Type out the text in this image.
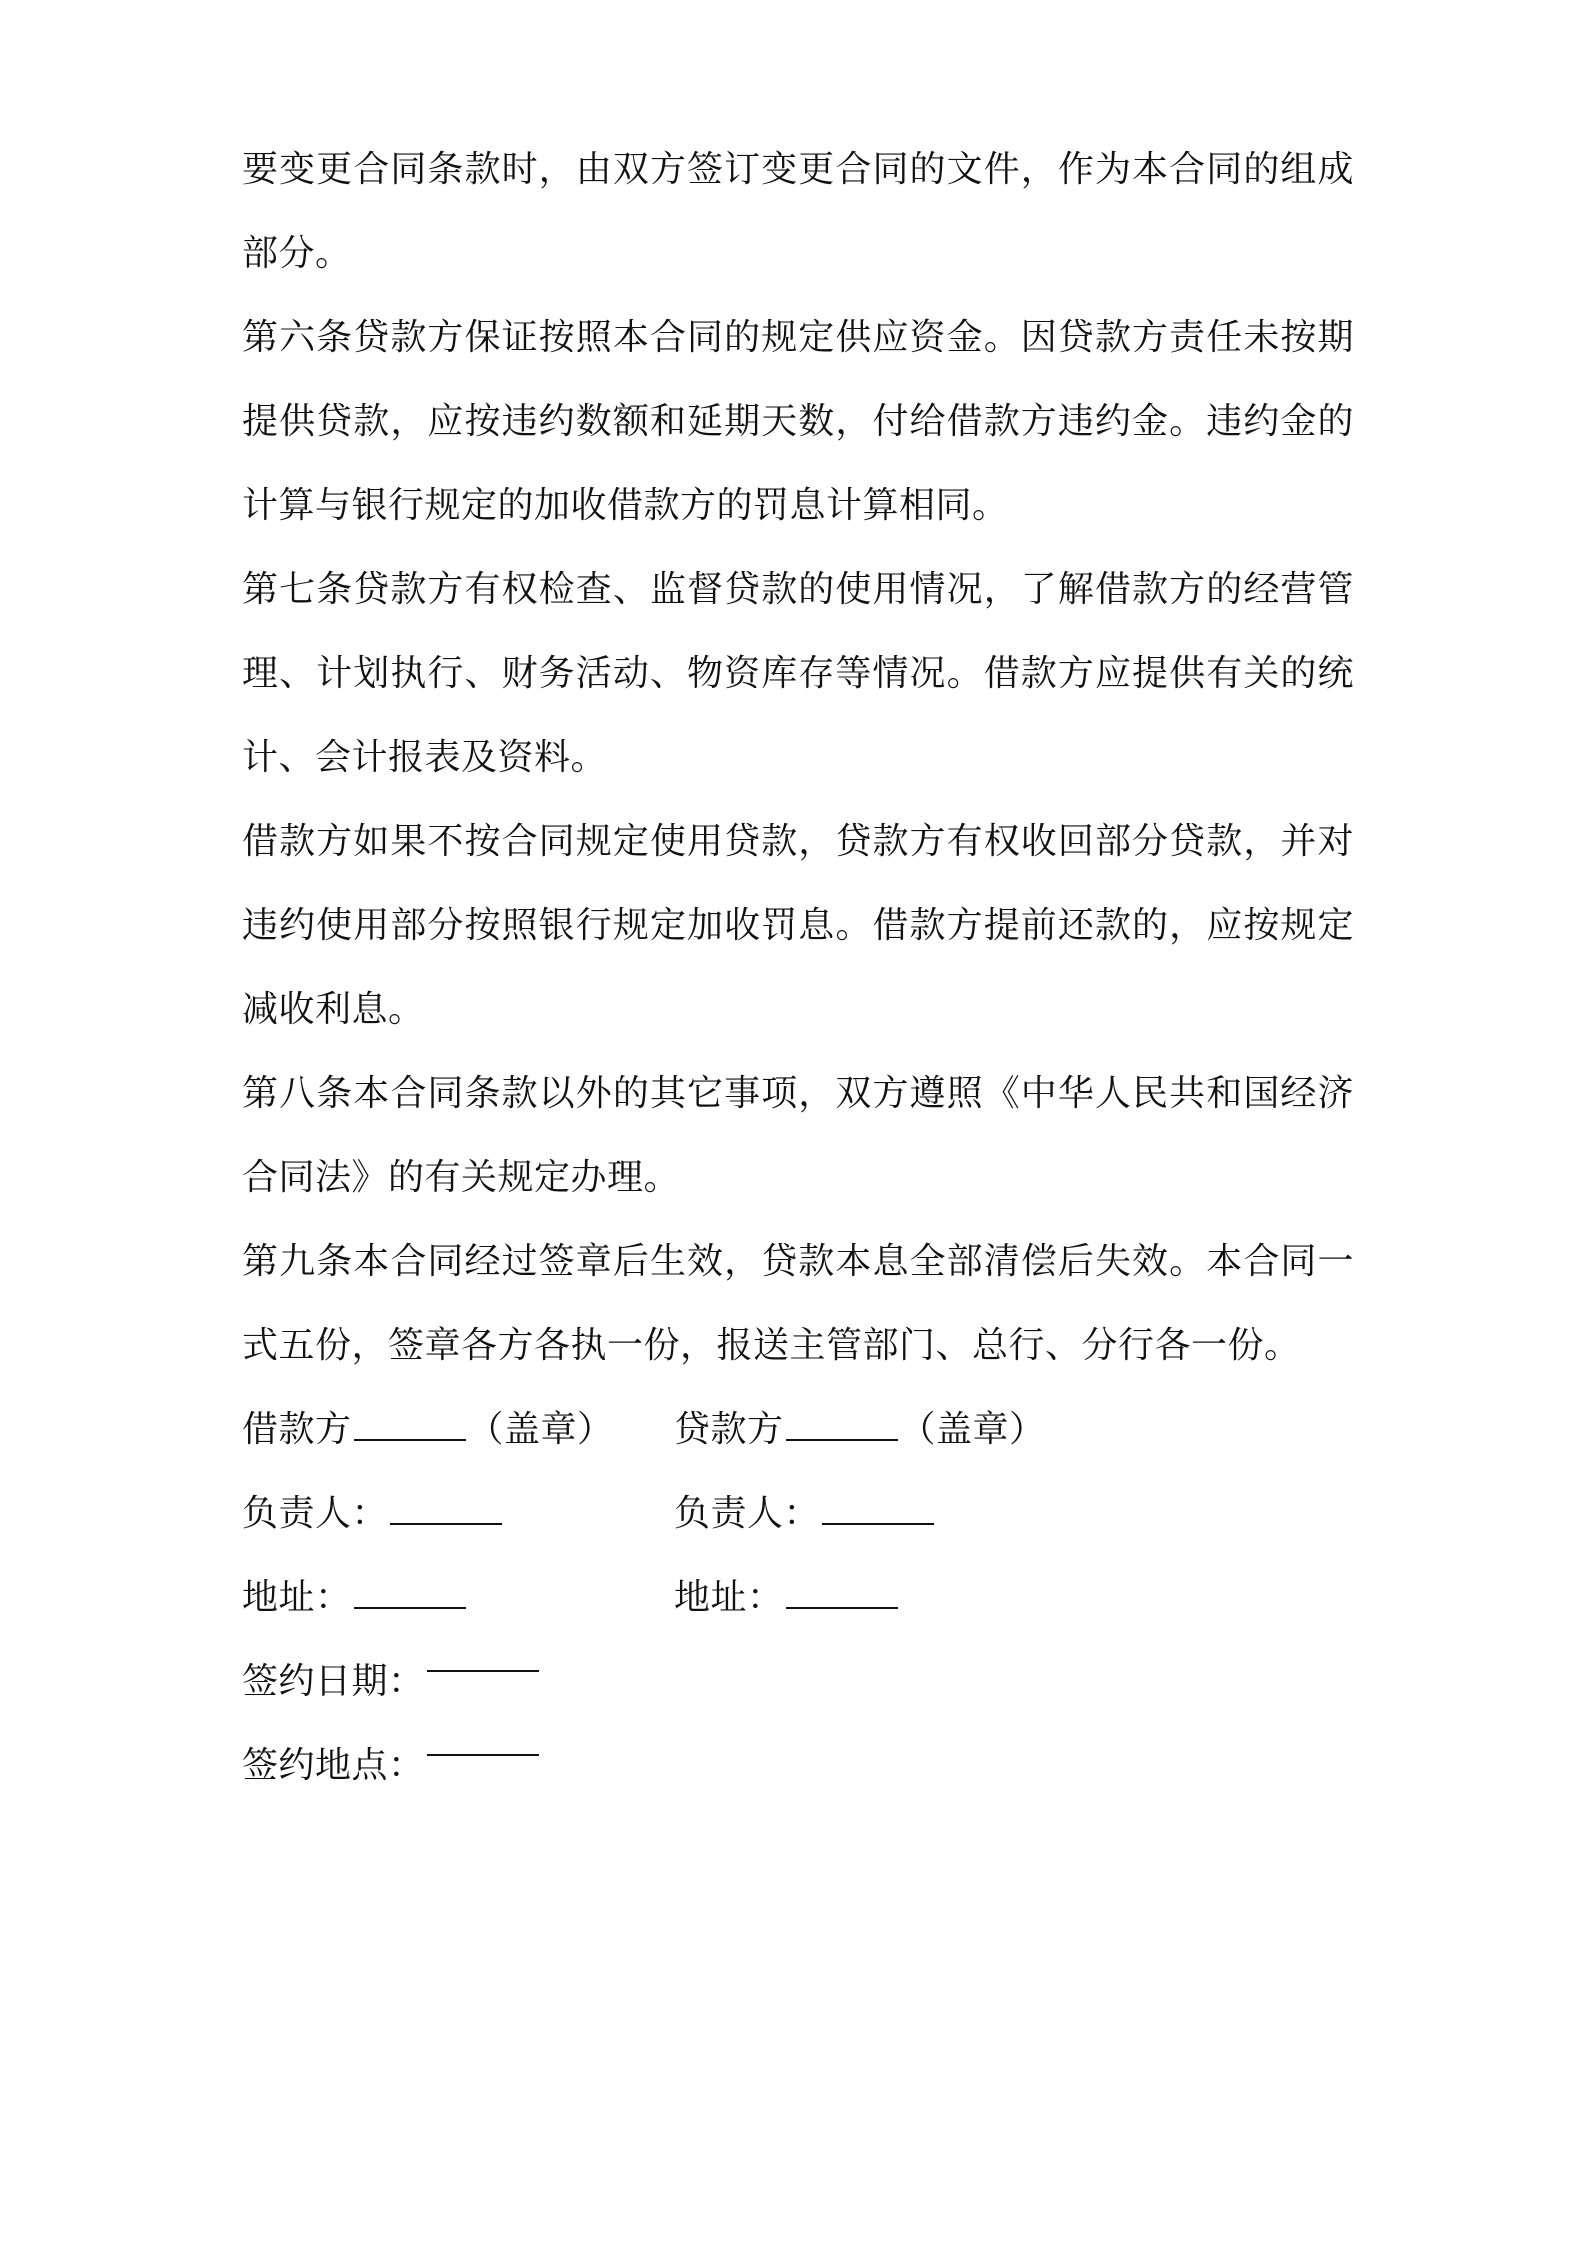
要变更合同条款时，由双方签订变更合同的文件，作为本合同的组成部分。

第六条贷款方保证按照本合同的规定供应资金。因贷款方责任未按期提供贷款，应按违约数额和延期天数，付给借款方违约金。违约金的计算与银行规定的加收借款方的罚息计算相同。

第七条贷款方有权检查、监督贷款的使用情况，了解借款方的经营管理、计划执行、财务活动、物资库存等情况。借款方应提供有关的统计、会计报表及资料。

借款方如果不按合同规定使用贷款，贷款方有权收回部分贷款，并对违约使用部分按照银行规定加收罚息。借款方提前还款的，应按规定减收利息。

第八条本合同条款以外的其它事项，双方遵照《中华人民共和国经济合同法》的有关规定办理。

第九条本合同经过签章后生效，贷款本息全部清偿后失效。本合同一式五份，签章各方各执一份，报送主管部门、总行、分行各一份。

借款方	（盖章）	贷款方	（盖章）
负责人：	负责人：
地址：	地址：
签约日期：
签约地点：
